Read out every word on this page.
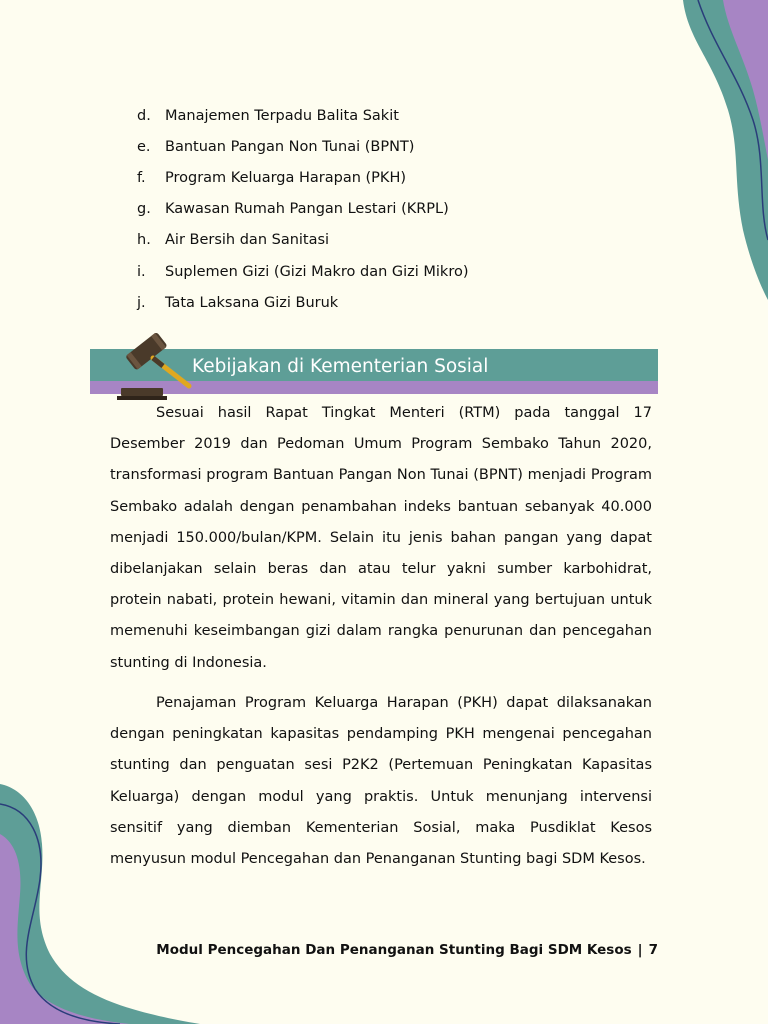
d. Manajemen Terpadu Balita Sakit
e. Bantuan Pangan Non Tunai (BPNT)
f.	Program Keluarga Harapan (PKH)
g. Kawasan Rumah Pangan Lestari (KRPL)
h. Air Bersih dan Sanitasi
i.	Suplemen Gizi (Gizi Makro dan Gizi Mikro)
j.	Tata Laksana Gizi Buruk
Kebijakan di Kementerian Sosial

Sesuai hasil Rapat Tingkat Menteri (RTM) pada tanggal 17 Desember 2019 dan Pedoman Umum Program Sembako Tahun 2020, transformasi program Bantuan Pangan Non Tunai (BPNT) menjadi Program Sembako adalah dengan penambahan indeks bantuan sebanyak 40.000 menjadi 150.000/bulan/KPM. Selain itu jenis bahan pangan yang dapat dibelanjakan selain beras dan atau telur yakni sumber karbohidrat, protein nabati, protein hewani, vitamin dan mineral yang bertujuan untuk memenuhi keseimbangan gizi dalam rangka penurunan dan pencegahan stunting di Indonesia.

Penajaman Program Keluarga Harapan (PKH) dapat dilaksanakan dengan peningkatan kapasitas pendamping PKH mengenai pencegahan stunting dan penguatan sesi P2K2 (Pertemuan Peningkatan Kapasitas Keluarga) dengan modul yang praktis. Untuk menunjang intervensi sensitif yang diemban Kementerian Sosial, maka Pusdiklat Kesos menyusun modul Pencegahan dan Penanganan Stunting bagi SDM Kesos.

Modul Pencegahan Dan Penanganan Stunting Bagi SDM Kesos | 7
